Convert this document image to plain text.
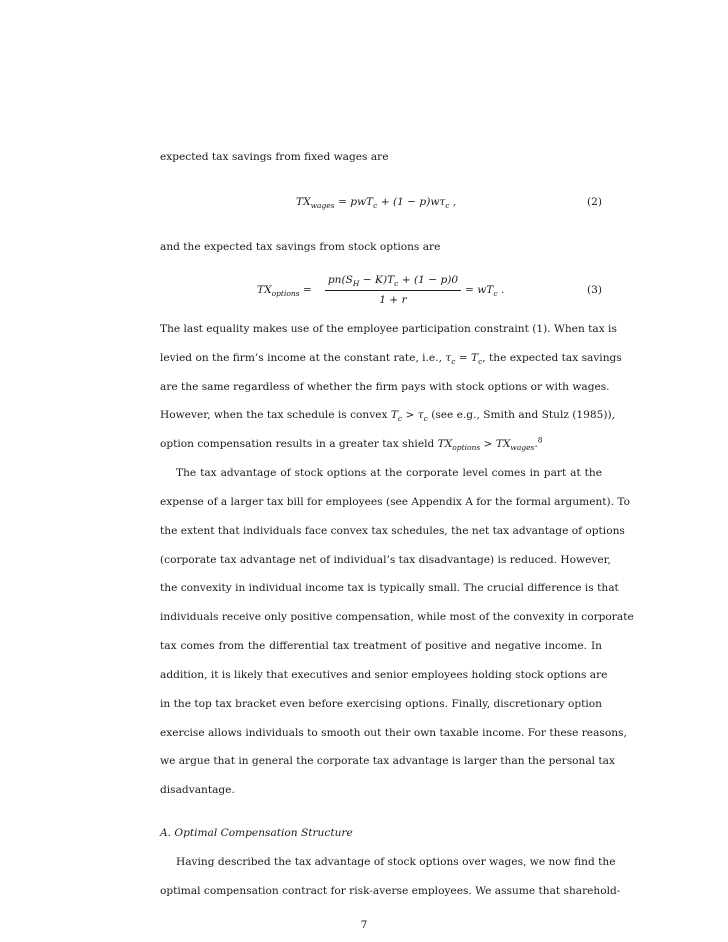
expected tax savings from fixed wages are
$TX_{wages} = pwT_c + (1 - p)w\tau_c$ ,	(2)
and the expected tax savings from stock options are
$TX_{options}$ =
$pn(S_H - K)T_c + (1 - p)0$
1 + r
= $wT_c$ .	(3)
The last equality makes use of the employee participation constraint (1). When tax is
levied on the firm’s income at the constant rate, i.e., $\tau_c = T_c$, the expected tax savings
are the same regardless of whether the firm pays with stock options or with wages.
However, when the tax schedule is convex $T_c > \tau_c$ (see e.g., Smith and Stulz (1985)),
option compensation results in a greater tax shield $TX_{options} > TX_{wages}.^8$
The tax advantage of stock options at the corporate level comes in part at the
expense of a larger tax bill for employees (see Appendix A for the formal argument). To
the extent that individuals face convex tax schedules, the net tax advantage of options
(corporate tax advantage net of individual’s tax disadvantage) is reduced. However,
the convexity in individual income tax is typically small. The crucial difference is that
individuals receive only positive compensation, while most of the convexity in corporate
tax comes from the differential tax treatment of positive and negative income. In
addition, it is likely that executives and senior employees holding stock options are
in the top tax bracket even before exercising options. Finally, discretionary option
exercise allows individuals to smooth out their own taxable income. For these reasons,
we argue that in general the corporate tax advantage is larger than the personal tax
disadvantage.
A. Optimal Compensation Structure
Having described the tax advantage of stock options over wages, we now find the
optimal compensation contract for risk-averse employees. We assume that sharehold-
7
